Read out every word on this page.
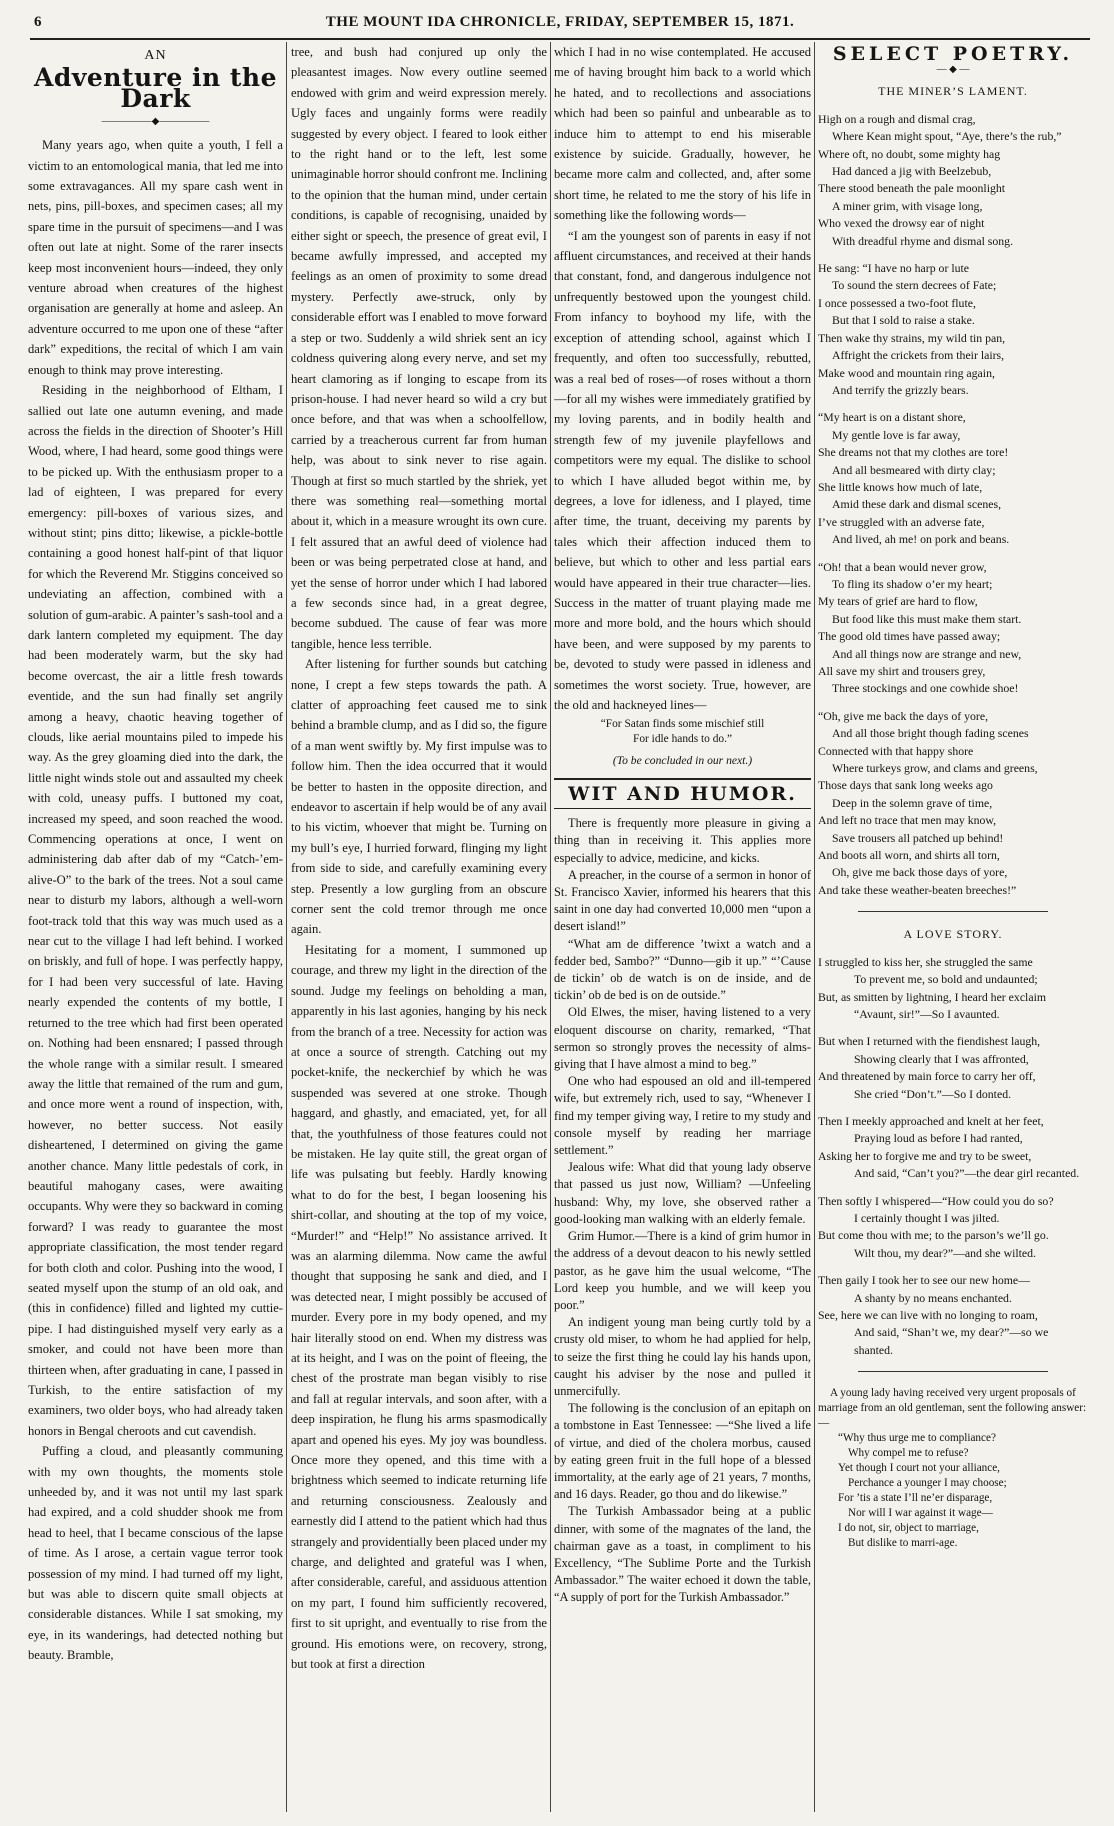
6	THE MOUNT IDA CHRONICLE, FRIDAY, SEPTEMBER 15, 1871.

AN

Adventure in the Dark
—————◆—————

Many years ago, when quite a youth, I fell a victim to an entomological mania, that led me into some extravagances. All my spare cash went in nets, pins, pill-boxes, and specimen cases; all my spare time in the pursuit of specimens—and I was often out late at night. Some of the rarer insects keep most inconvenient hours—indeed, they only venture abroad when creatures of the highest organisation are generally at home and asleep. An adventure occurred to me upon one of these “after dark” expeditions, the recital of which I am vain enough to think may prove interesting.

Residing in the neighborhood of Eltham, I sallied out late one autumn evening, and made across the fields in the direction of Shooter’s Hill Wood, where, I had heard, some good things were to be picked up. With the enthusiasm proper to a lad of eighteen, I was prepared for every emergency: pill-boxes of various sizes, and without stint; pins ditto; likewise, a pickle-bottle containing a good honest half-pint of that liquor for which the Reverend Mr. Stiggins conceived so undeviating an affection, combined with a solution of gum-arabic. A painter’s sash-tool and a dark lantern completed my equipment. The day had been moderately warm, but the sky had become overcast, the air a little fresh towards eventide, and the sun had finally set angrily among a heavy, chaotic heaving together of clouds, like aerial mountains piled to impede his way. As the grey gloaming died into the dark, the little night winds stole out and assaulted my cheek with cold, uneasy puffs. I buttoned my coat, increased my speed, and soon reached the wood. Commencing operations at once, I went on administering dab after dab of my “Catch-’em-alive-O” to the bark of the trees. Not a soul came near to disturb my labors, although a well-worn foot-track told that this way was much used as a near cut to the village I had left behind. I worked on briskly, and full of hope. I was perfectly happy, for I had been very successful of late. Having nearly expended the contents of my bottle, I returned to the tree which had first been operated on. Nothing had been ensnared; I passed through the whole range with a similar result. I smeared away the little that remained of the rum and gum, and once more went a round of inspection, with, however, no better success. Not easily disheartened, I determined on giving the game another chance. Many little pedestals of cork, in beautiful mahogany cases, were awaiting occupants. Why were they so backward in coming forward? I was ready to guarantee the most appropriate classification, the most tender regard for both cloth and color. Pushing into the wood, I seated myself upon the stump of an old oak, and (this in confidence) filled and lighted my cuttie-pipe. I had distinguished myself very early as a smoker, and could not have been more than thirteen when, after graduating in cane, I passed in Turkish, to the entire satisfaction of my examiners, two older boys, who had already taken honors in Bengal cheroots and cut cavendish.

Puffing a cloud, and pleasantly communing with my own thoughts, the moments stole unheeded by, and it was not until my last spark had expired, and a cold shudder shook me from head to heel, that I became conscious of the lapse of time. As I arose, a certain vague terror took possession of my mind. I had turned off my light, but was able to discern quite small objects at considerable distances. While I sat smoking, my eye, in its wanderings, had detected nothing but beauty. Bramble,

tree, and bush had conjured up only the pleasantest images. Now every outline seemed endowed with grim and weird expression merely. Ugly faces and ungainly forms were readily suggested by every object. I feared to look either to the right hand or to the left, lest some unimaginable horror should confront me. Inclining to the opinion that the human mind, under certain conditions, is capable of recognising, unaided by either sight or speech, the presence of great evil, I became awfully impressed, and accepted my feelings as an omen of proximity to some dread mystery. Perfectly awe-struck, only by considerable effort was I enabled to move forward a step or two. Suddenly a wild shriek sent an icy coldness quivering along every nerve, and set my heart clamoring as if longing to escape from its prison-house. I had never heard so wild a cry but once before, and that was when a schoolfellow, carried by a treacherous current far from human help, was about to sink never to rise again. Though at first so much startled by the shriek, yet there was something real—something mortal about it, which in a measure wrought its own cure. I felt assured that an awful deed of violence had been or was being perpetrated close at hand, and yet the sense of horror under which I had labored a few seconds since had, in a great degree, become subdued. The cause of fear was more tangible, hence less terrible.

After listening for further sounds but catching none, I crept a few steps towards the path. A clatter of approaching feet caused me to sink behind a bramble clump, and as I did so, the figure of a man went swiftly by. My first impulse was to follow him. Then the idea occurred that it would be better to hasten in the opposite direction, and endeavor to ascertain if help would be of any avail to his victim, whoever that might be. Turning on my bull’s eye, I hurried forward, flinging my light from side to side, and carefully examining every step. Presently a low gurgling from an obscure corner sent the cold tremor through me once again.

Hesitating for a moment, I summoned up courage, and threw my light in the direction of the sound. Judge my feelings on beholding a man, apparently in his last agonies, hanging by his neck from the branch of a tree. Necessity for action was at once a source of strength. Catching out my pocket-knife, the neckerchief by which he was suspended was severed at one stroke. Though haggard, and ghastly, and emaciated, yet, for all that, the youthfulness of those features could not be mistaken. He lay quite still, the great organ of life was pulsating but feebly. Hardly knowing what to do for the best, I began loosening his shirt-collar, and shouting at the top of my voice, “Murder!” and “Help!” No assistance arrived. It was an alarming dilemma. Now came the awful thought that supposing he sank and died, and I was detected near, I might possibly be accused of murder. Every pore in my body opened, and my hair literally stood on end. When my distress was at its height, and I was on the point of fleeing, the chest of the prostrate man began visibly to rise and fall at regular intervals, and soon after, with a deep inspiration, he flung his arms spasmodically apart and opened his eyes. My joy was boundless. Once more they opened, and this time with a brightness which seemed to indicate returning life and returning consciousness. Zealously and earnestly did I attend to the patient which had thus strangely and providentially been placed under my charge, and delighted and grateful was I when, after considerable, careful, and assiduous attention on my part, I found him sufficiently recovered, first to sit upright, and eventually to rise from the ground. His emotions were, on recovery, strong, but took at first a direction

which I had in no wise contemplated. He accused me of having brought him back to a world which he hated, and to recollections and associations which had been so painful and unbearable as to induce him to attempt to end his miserable existence by suicide. Gradually, however, he became more calm and collected, and, after some short time, he related to me the story of his life in something like the following words—

“I am the youngest son of parents in easy if not affluent circumstances, and received at their hands that constant, fond, and dangerous indulgence not unfrequently bestowed upon the youngest child. From infancy to boyhood my life, with the exception of attending school, against which I frequently, and often too successfully, rebutted, was a real bed of roses—of roses without a thorn—for all my wishes were immediately gratified by my loving parents, and in bodily health and strength few of my juvenile playfellows and competitors were my equal. The dislike to school to which I have alluded begot within me, by degrees, a love for idleness, and I played, time after time, the truant, deceiving my parents by tales which their affection induced them to believe, but which to other and less partial ears would have appeared in their true character—lies. Success in the matter of truant playing made me more and more bold, and the hours which should have been, and were supposed by my parents to be, devoted to study were passed in idleness and sometimes the worst society. True, however, are the old and hackneyed lines—

“For Satan finds some mischief still

For idle hands to do.”

(To be concluded in our next.)

WIT AND HUMOR.

There is frequently more pleasure in giving a thing than in receiving it. This applies more especially to advice, medicine, and kicks.

A preacher, in the course of a sermon in honor of St. Francisco Xavier, informed his hearers that this saint in one day had converted 10,000 men “upon a desert island!”

“What am de difference ’twixt a watch and a fedder bed, Sambo?” “Dunno—gib it up.” “’Cause de tickin’ ob de watch is on de inside, and de tickin’ ob de bed is on de outside.”

Old Elwes, the miser, having listened to a very eloquent discourse on charity, remarked, “That sermon so strongly proves the necessity of alms-giving that I have almost a mind to beg.”

One who had espoused an old and ill-tempered wife, but extremely rich, used to say, “Whenever I find my temper giving way, I retire to my study and console myself by reading her marriage settlement.”

Jealous wife: What did that young lady observe that passed us just now, William? —Unfeeling husband: Why, my love, she observed rather a good-looking man walking with an elderly female.

Grim Humor.—There is a kind of grim humor in the address of a devout deacon to his newly settled pastor, as he gave him the usual welcome, “The Lord keep you humble, and we will keep you poor.”

An indigent young man being curtly told by a crusty old miser, to whom he had applied for help, to seize the first thing he could lay his hands upon, caught his adviser by the nose and pulled it unmercifully.

The following is the conclusion of an epitaph on a tombstone in East Tennessee: —“She lived a life of virtue, and died of the cholera morbus, caused by eating green fruit in the full hope of a blessed immortality, at the early age of 21 years, 7 months, and 16 days. Reader, go thou and do likewise.”

The Turkish Ambassador being at a public dinner, with some of the magnates of the land, the chairman gave as a toast, in compliment to his Excellency, “The Sublime Porte and the Turkish Ambassador.” The waiter echoed it down the table, “A supply of port for the Turkish Ambassador.”

SELECT POETRY.
— ◆ —
THE MINER’S LAMENT.
High on a rough and dismal crag,
Where Kean might spout, “Aye, there’s the rub,”
Where oft, no doubt, some mighty hag
Had danced a jig with Beelzebub,
There stood beneath the pale moonlight
A miner grim, with visage long,
Who vexed the drowsy ear of night
With dreadful rhyme and dismal song.
He sang: “I have no harp or lute
To sound the stern decrees of Fate;
I once possessed a two-foot flute,
But that I sold to raise a stake.
Then wake thy strains, my wild tin pan,
Affright the crickets from their lairs,
Make wood and mountain ring again,
And terrify the grizzly bears.
“My heart is on a distant shore,
My gentle love is far away,
She dreams not that my clothes are tore!
And all besmeared with dirty clay;
She little knows how much of late,
Amid these dark and dismal scenes,
I’ve struggled with an adverse fate,
And lived, ah me! on pork and beans.
“Oh! that a bean would never grow,
To fling its shadow o’er my heart;
My tears of grief are hard to flow,
But food like this must make them start.
The good old times have passed away;
And all things now are strange and new,
All save my shirt and trousers grey,
Three stockings and one cowhide shoe!
“Oh, give me back the days of yore,
And all those bright though fading scenes
Connected with that happy shore
Where turkeys grow, and clams and greens,
Those days that sank long weeks ago
Deep in the solemn grave of time,
And left no trace that men may know,
Save trousers all patched up behind!
And boots all worn, and shirts all torn,
Oh, give me back those days of yore,
And take these weather-beaten breeches!”
A LOVE STORY.
I struggled to kiss her, she struggled the same
To prevent me, so bold and undaunted;
But, as smitten by lightning, I heard her exclaim
“Avaunt, sir!”—So I avaunted.
But when I returned with the fiendishest laugh,
Showing clearly that I was affronted,
And threatened by main force to carry her off,
She cried “Don’t.”—So I donted.
Then I meekly approached and knelt at her feet,
Praying loud as before I had ranted,
Asking her to forgive me and try to be sweet,
And said, “Can’t you?”—the dear girl recanted.
Then softly I whispered—“How could you do so?
I certainly thought I was jilted.
But come thou with me; to the parson’s we’ll go.
Wilt thou, my dear?”—and she wilted.
Then gaily I took her to see our new home—
A shanty by no means enchanted.
See, here we can live with no longing to roam,
And said, “Shan’t we, my dear?”—so we shanted.

A young lady having received very urgent proposals of marriage from an old gentleman, sent the following answer:—

“Why thus urge me to compliance?
Why compel me to refuse?
Yet though I court not your alliance,
Perchance a younger I may choose;
For ’tis a state I’ll ne’er disparage,
Nor will I war against it wage—
I do not, sir, object to marriage,
But dislike to marri-age.
